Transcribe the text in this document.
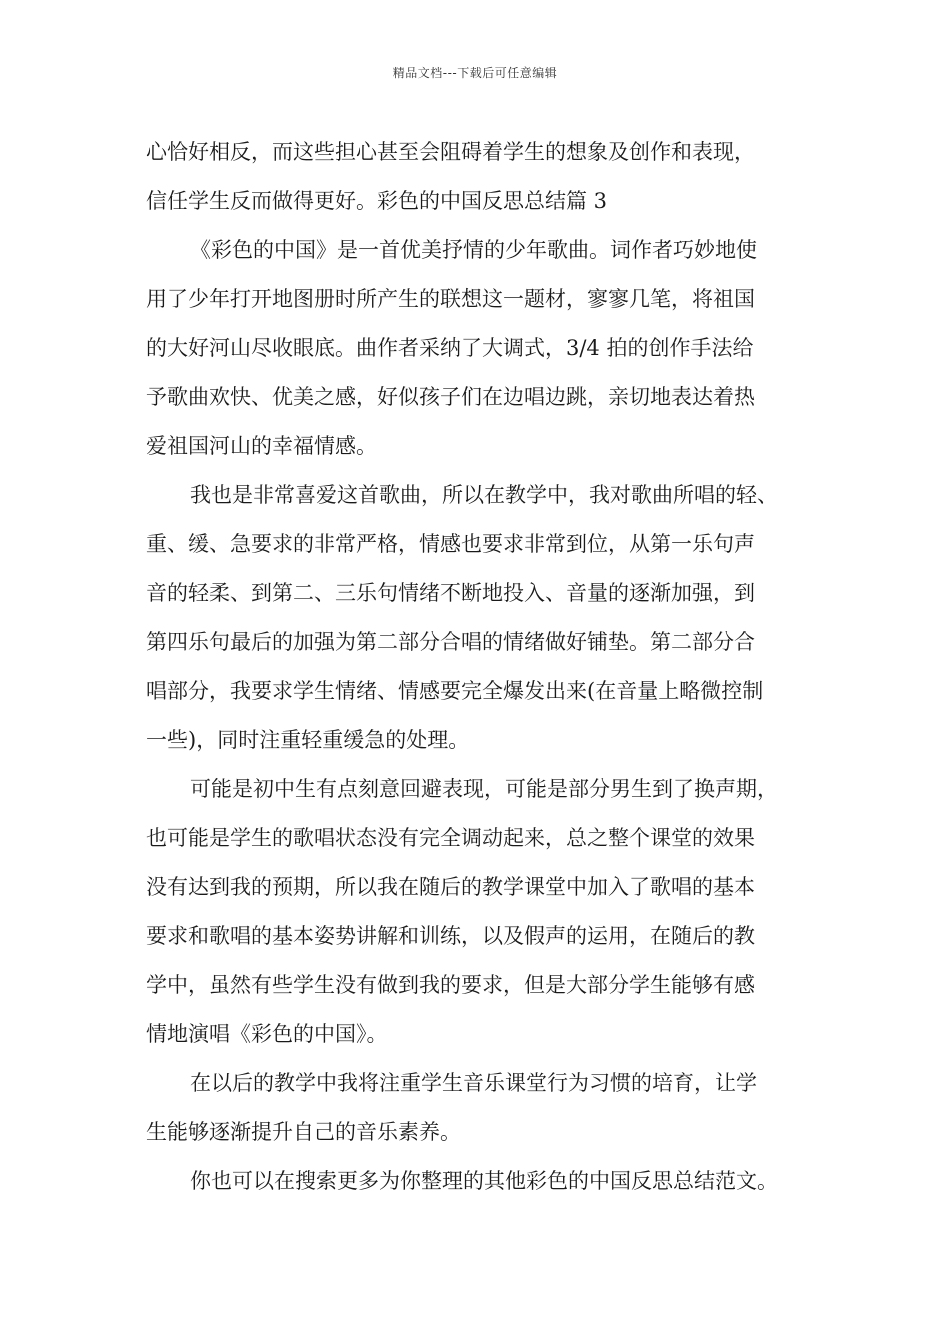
精品文档---下载后可任意编辑

心恰好相反，而这些担心甚至会阻碍着学生的想象及创作和表现，
信任学生反而做得更好。彩色的中国反思总结篇 3

《彩色的中国》是一首优美抒情的少年歌曲。词作者巧妙地使
用了少年打开地图册时所产生的联想这一题材，寥寥几笔，将祖国
的大好河山尽收眼底。曲作者采纳了大调式，3/4 拍的创作手法给
予歌曲欢快、优美之感，好似孩子们在边唱边跳，亲切地表达着热
爱祖国河山的幸福情感。

我也是非常喜爱这首歌曲，所以在教学中，我对歌曲所唱的轻、
重、缓、急要求的非常严格，情感也要求非常到位，从第一乐句声
音的轻柔、到第二、三乐句情绪不断地投入、音量的逐渐加强，到
第四乐句最后的加强为第二部分合唱的情绪做好铺垫。第二部分合
唱部分，我要求学生情绪、情感要完全爆发出来(在音量上略微控制
一些)，同时注重轻重缓急的处理。

可能是初中生有点刻意回避表现，可能是部分男生到了换声期，
也可能是学生的歌唱状态没有完全调动起来，总之整个课堂的效果
没有达到我的预期，所以我在随后的教学课堂中加入了歌唱的基本
要求和歌唱的基本姿势讲解和训练，以及假声的运用，在随后的教
学中，虽然有些学生没有做到我的要求，但是大部分学生能够有感
情地演唱《彩色的中国》。

在以后的教学中我将注重学生音乐课堂行为习惯的培育，让学
生能够逐渐提升自己的音乐素养。

你也可以在搜索更多为你整理的其他彩色的中国反思总结范文。
